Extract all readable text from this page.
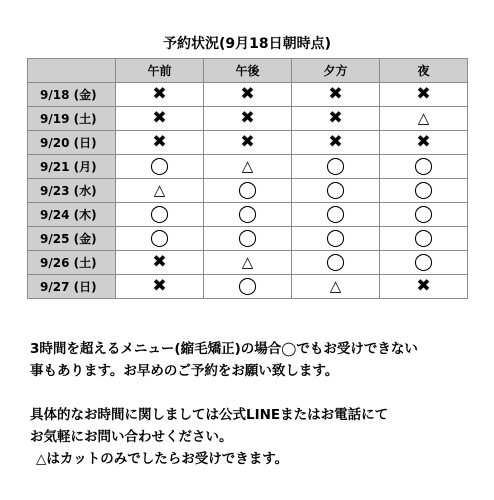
予約状況(9月18日朝時点)
	午前	午後	夕方	夜
9/18 (金)	✖	✖	✖	✖
9/19 (土)	✖	✖	✖	△
9/20 (日)	✖	✖	✖	✖
9/21 (月)	◯	△	◯	◯
9/23 (水)	△	◯	◯	◯
9/24 (木)	◯	◯	◯	◯
9/25 (金)	◯	◯	◯	◯
9/26 (土)	✖	△	◯	◯
9/27 (日)	✖	◯	△	✖
3時間を超えるメニュー(縮毛矯正)の場合◯でもお受けできない
事もあります。お早めのご予約をお願い致します。
具体的なお時間に関しましては公式LINEまたはお電話にて
お気軽にお問い合わせください。
△はカットのみでしたらお受けできます。
